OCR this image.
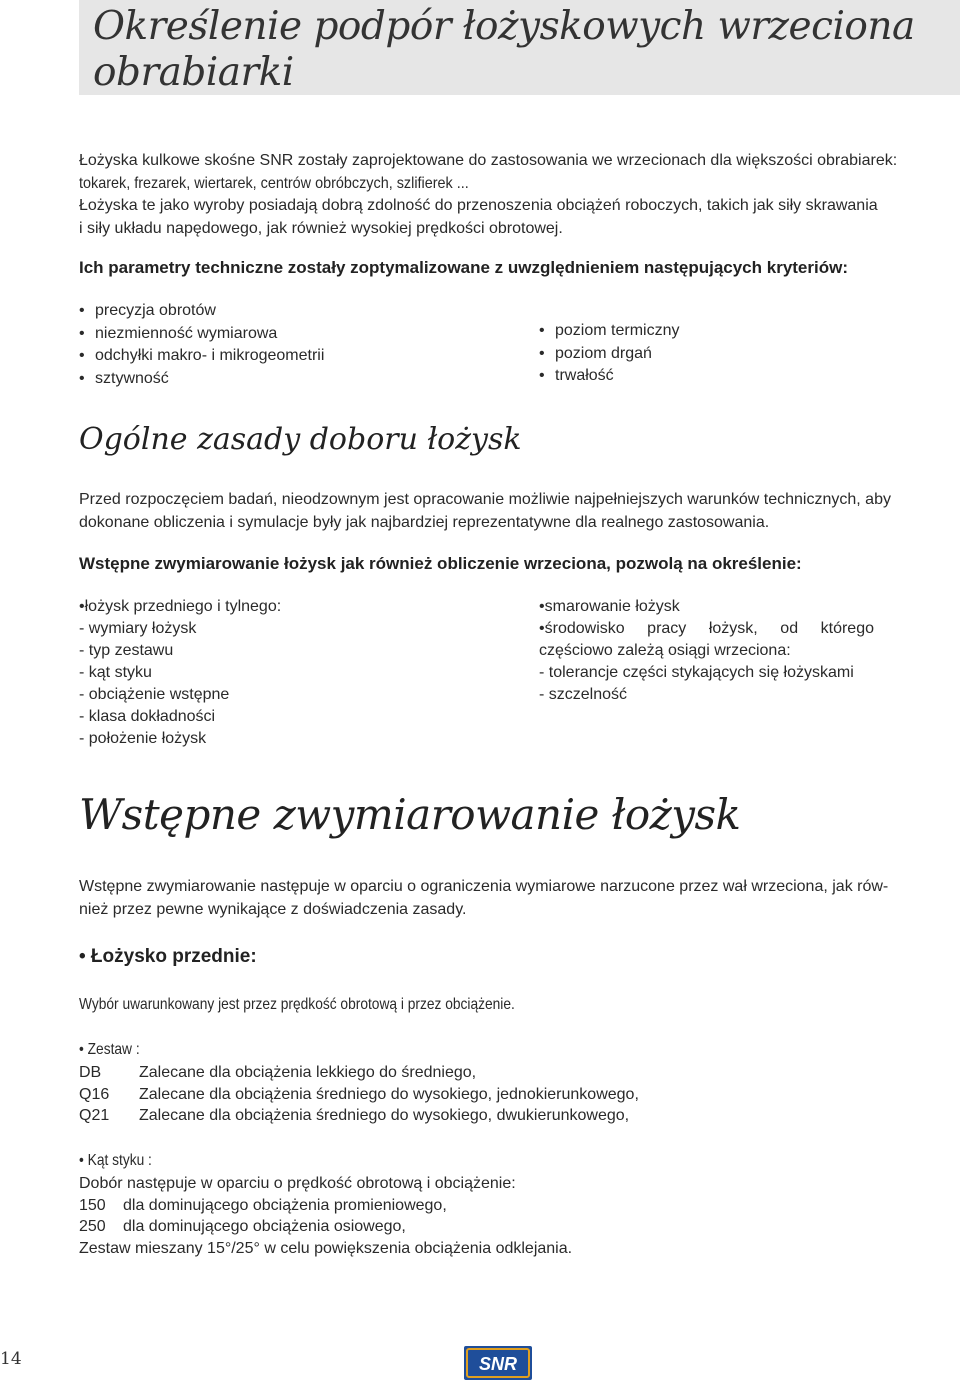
Określenie podpór łożyskowych wrzeciona
obrabiarki
Łożyska kulkowe skośne SNR zostały zaprojektowane do zastosowania we wrzecionach dla większości obrabiarek:
tokarek, frezarek, wiertarek, centrów obróbczych, szlifierek ...
Łożyska te jako wyroby posiadają dobrą zdolność do przenoszenia obciążeń roboczych, takich jak siły skrawania
i siły układu napędowego, jak również wysokiej prędkości obrotowej.
Ich parametry techniczne zostały zoptymalizowane z uwzględnieniem następujących kryteriów:
• precyzja obrotów
• niezmienność wymiarowa
• odchyłki makro- i mikrogeometrii
• sztywność
• poziom termiczny
• poziom drgań
• trwałość
Ogólne zasady doboru łożysk
Przed rozpoczęciem badań, nieodzownym jest opracowanie możliwie najpełniejszych warunków technicznych, aby
dokonane obliczenia i symulacje były jak najbardziej reprezentatywne dla realnego zastosowania.
Wstępne zwymiarowanie łożysk jak również obliczenie wrzeciona, pozwolą na określenie:
•łożysk przedniego i tylnego:
- wymiary łożysk
- typ zestawu
- kąt styku
- obciążenie wstępne
- klasa dokładności
- położenie łożysk
•smarowanie łożysk
• środowisko pracy łożysk, od którego
częściowo zależą osiągi wrzeciona:
- tolerancje części stykających się łożyskami
- szczelność
Wstępne zwymiarowanie łożysk
Wstępne zwymiarowanie następuje w oparciu o ograniczenia wymiarowe narzucone przez wał wrzeciona, jak rów-
nież przez pewne wynikające z doświadczenia zasady.
• Łożysko przednie:
Wybór uwarunkowany jest przez prędkość obrotową i przez obciążenie.
• Zestaw :
DB	Zalecane dla obciążenia lekkiego do średniego,
Q16	Zalecane dla obciążenia średniego do wysokiego, jednokierunkowego,
Q21	Zalecane dla obciążenia średniego do wysokiego, dwukierunkowego,
• Kąt styku :
Dobór następuje w oparciu o prędkość obrotową i obciążenie:
150	dla dominującego obciążenia promieniowego,
250	dla dominującego obciążenia osiowego,
Zestaw mieszany 15°/25° w celu powiększenia obciążenia odklejania.
14	SNR
